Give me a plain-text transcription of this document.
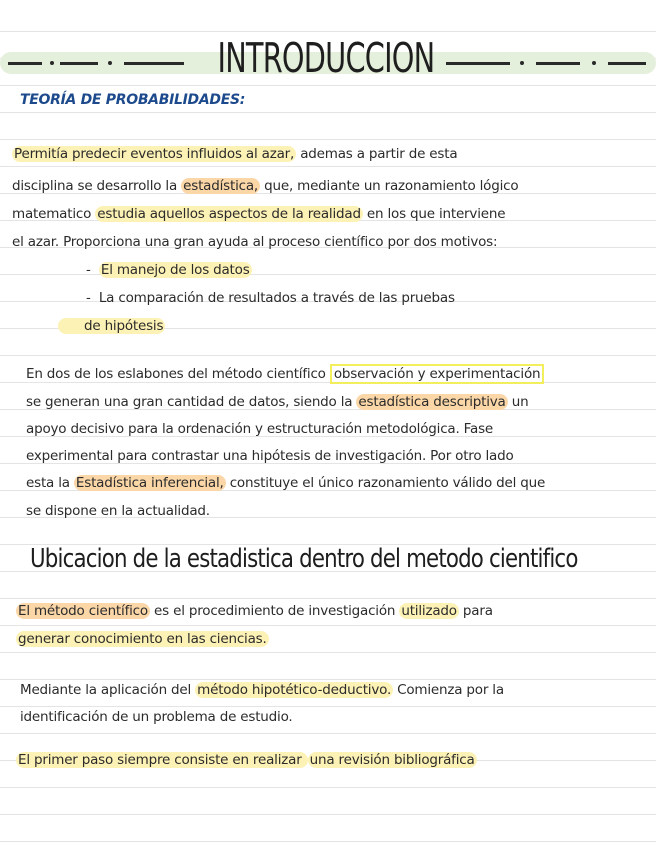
INTRODUCCION
TEORÍA DE PROBABILIDADES:
Permitía predecir eventos influidos al azar, ademas a partir de esta
disciplina se desarrollo la estadística, que, mediante un razonamiento lógico
matematico estudia aquellos aspectos de la realidad en los que interviene
el azar. Proporciona una gran ayuda al proceso científico por dos motivos:
- El manejo de los datos
- La comparación de resultados a través de las pruebas
de hipótesis
En dos de los eslabones del método científico observación y experimentación
se generan una gran cantidad de datos, siendo la estadística descriptiva un
apoyo decisivo para la ordenación y estructuración metodológica. Fase
experimental para contrastar una hipótesis de investigación. Por otro lado
esta la Estadística inferencial, constituye el único razonamiento válido del que
se dispone en la actualidad.
Ubicacion de la estadistica dentro del metodo cientifico
El método científico es el procedimiento de investigación utilizado para
generar conocimiento en las ciencias.
Mediante la aplicación del método hipotético-deductivo. Comienza por la
identificación de un problema de estudio.
El primer paso siempre consiste en realizar una revisión bibliográfica
